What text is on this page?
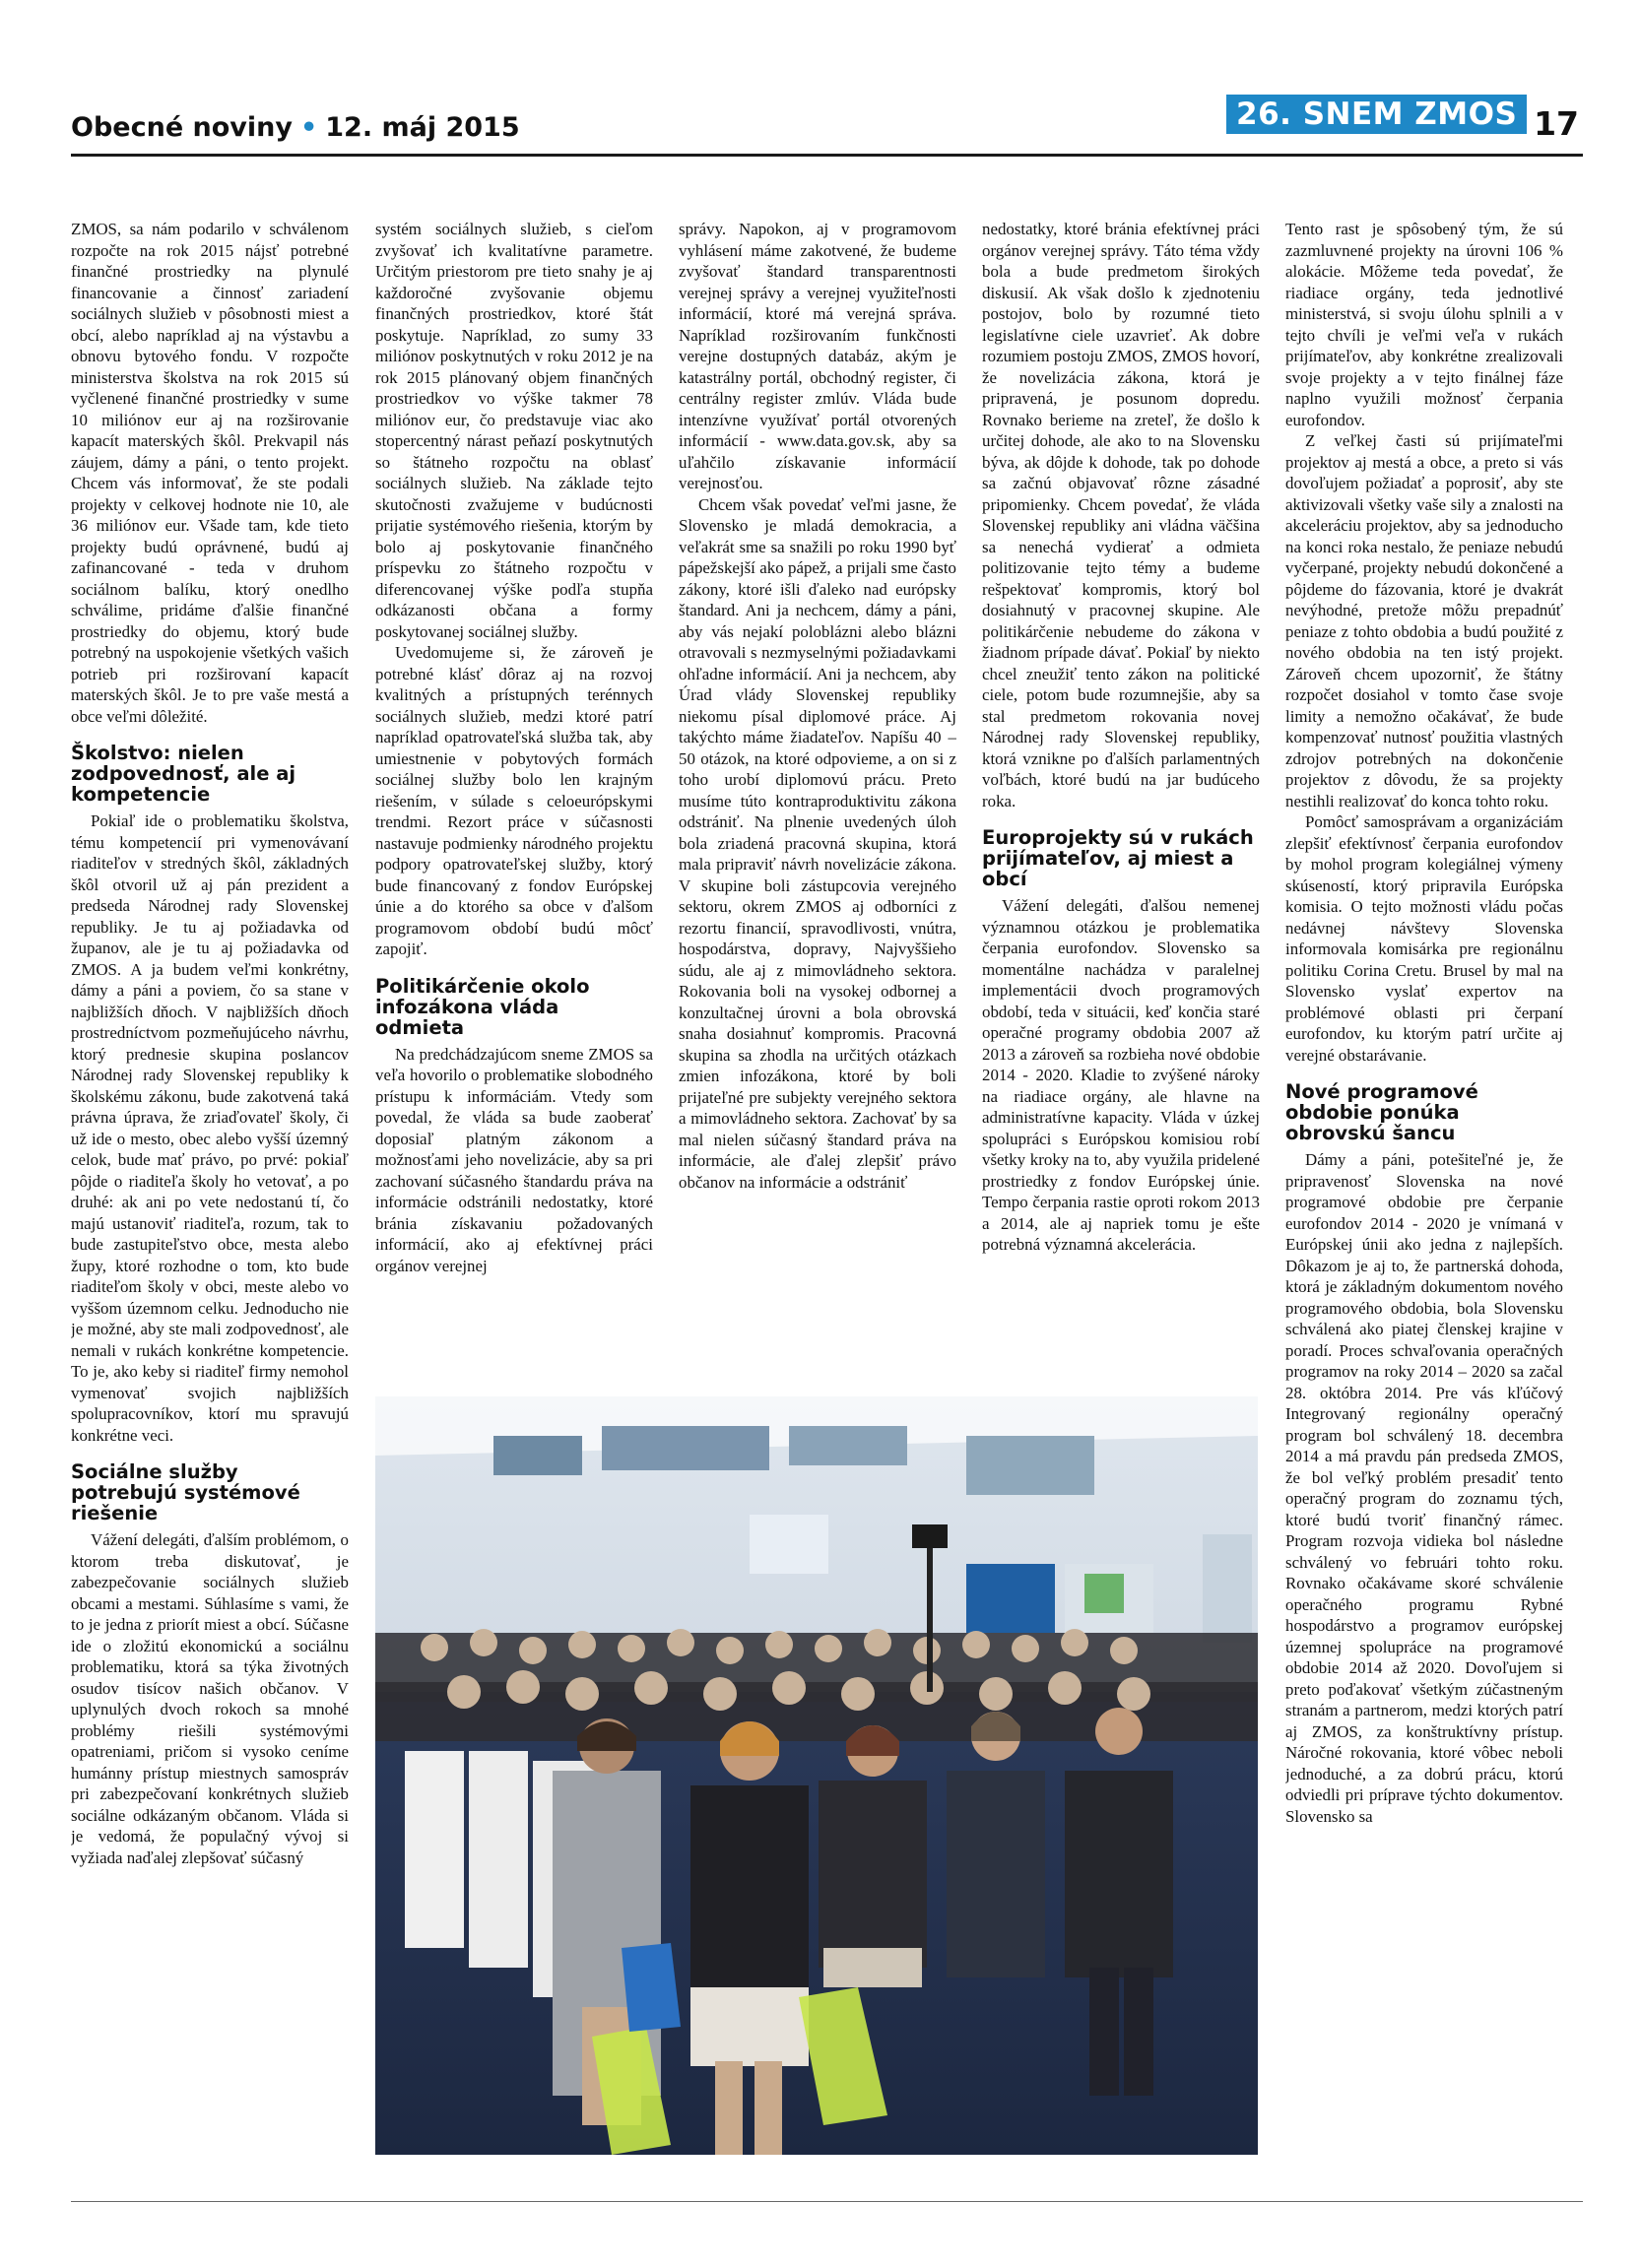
Obecné noviny • 12. máj 2015	26. SNEM ZMOS 17

ZMOS, sa nám podarilo v schválenom rozpočte na rok 2015 nájsť potrebné finančné prostriedky na plynulé financovanie a činnosť zariadení sociálnych služieb v pôsobnosti miest a obcí, alebo napríklad aj na výstavbu a obnovu bytového fondu. V rozpočte ministerstva školstva na rok 2015 sú vyčlenené finančné prostriedky v sume 10 miliónov eur aj na rozširovanie kapacít materských škôl. Prekvapil nás záujem, dámy a páni, o tento projekt. Chcem vás informovať, že ste podali projekty v celkovej hodnote nie 10, ale 36 miliónov eur. Všade tam, kde tieto projekty budú oprávnené, budú aj zafinancované - teda v druhom sociálnom balíku, ktorý onedlho schválime, pridáme ďalšie finančné prostriedky do objemu, ktorý bude potrebný na uspokojenie všetkých vašich potrieb pri rozširovaní kapacít materských škôl. Je to pre vaše mestá a obce veľmi dôležité.

Školstvo: nielen zodpovednosť, ale aj kompetencie

Pokiaľ ide o problematiku školstva, tému kompetencií pri vymenovávaní riaditeľov v stredných škôl, základných škôl otvoril už aj pán prezident a predseda Národnej rady Slovenskej republiky. Je tu aj požiadavka od županov, ale je tu aj požiadavka od ZMOS. A ja budem veľmi konkrétny, dámy a páni a poviem, čo sa stane v najbližších dňoch. V najbližších dňoch prostredníctvom pozmeňujúceho návrhu, ktorý prednesie skupina poslancov Národnej rady Slovenskej republiky k školskému zákonu, bude zakotvená taká právna úprava, že zriaďovateľ školy, či už ide o mesto, obec alebo vyšší územný celok, bude mať právo, po prvé: pokiaľ pôjde o riaditeľa školy ho vetovať, a po druhé: ak ani po vete nedostanú tí, čo majú ustanoviť riaditeľa, rozum, tak to bude zastupiteľstvo obce, mesta alebo župy, ktoré rozhodne o tom, kto bude riaditeľom školy v obci, meste alebo vo vyššom územnom celku. Jednoducho nie je možné, aby ste mali zodpovednosť, ale nemali v rukách konkrétne kompetencie. To je, ako keby si riaditeľ firmy nemohol vymenovať svojich najbližších spolupracovníkov, ktorí mu spravujú konkrétne veci.

Sociálne služby potrebujú systémové riešenie

Vážení delegáti, ďalším problémom, o ktorom treba diskutovať, je zabezpečovanie sociálnych služieb obcami a mestami. Súhlasíme s vami, že to je jedna z priorít miest a obcí. Súčasne ide o zložitú ekonomickú a sociálnu problematiku, ktorá sa týka životných osudov tisícov našich občanov. V uplynulých dvoch rokoch sa mnohé problémy riešili systémovými opatreniami, pričom si vysoko ceníme humánny prístup miestnych samospráv pri zabezpečovaní konkrétnych služieb sociálne odkázaným občanom. Vláda si je vedomá, že populačný vývoj si vyžiada naďalej zlepšovať súčasný

systém sociálnych služieb, s cieľom zvyšovať ich kvalitatívne parametre. Určitým priestorom pre tieto snahy je aj každoročné zvyšovanie objemu finančných prostriedkov, ktoré štát poskytuje. Napríklad, zo sumy 33 miliónov poskytnutých v roku 2012 je na rok 2015 plánovaný objem finančných prostriedkov vo výške takmer 78 miliónov eur, čo predstavuje viac ako stopercentný nárast peňazí poskytnutých so štátneho rozpočtu na oblasť sociálnych služieb. Na základe tejto skutočnosti zvažujeme v budúcnosti prijatie systémového riešenia, ktorým by bolo aj poskytovanie finančného príspevku zo štátneho rozpočtu v diferencovanej výške podľa stupňa odkázanosti občana a formy poskytovanej sociálnej služby.

Uvedomujeme si, že zároveň je potrebné klásť dôraz aj na rozvoj kvalitných a prístupných terénnych sociálnych služieb, medzi ktoré patrí napríklad opatrovateľská služba tak, aby umiestnenie v pobytových formách sociálnej služby bolo len krajným riešením, v súlade s celoeurópskymi trendmi. Rezort práce v súčasnosti nastavuje podmienky národného projektu podpory opatrovateľskej služby, ktorý bude financovaný z fondov Európskej únie a do ktorého sa obce v ďalšom programovom období budú môcť zapojiť.

Politikárčenie okolo infozákona vláda odmieta

Na predchádzajúcom sneme ZMOS sa veľa hovorilo o problematike slobodného prístupu k informáciám. Vtedy som povedal, že vláda sa bude zaoberať doposiaľ platným zákonom a možnosťami jeho novelizácie, aby sa pri zachovaní súčasného štandardu práva na informácie odstránili nedostatky, ktoré bránia získavaniu požadovaných informácií, ako aj efektívnej práci orgánov verejnej

správy. Napokon, aj v programovom vyhlásení máme zakotvené, že budeme zvyšovať štandard transparentnosti verejnej správy a verejnej využiteľnosti informácií, ktoré má verejná správa. Napríklad rozširovaním funkčnosti verejne dostupných databáz, akým je katastrálny portál, obchodný register, či centrálny register zmlúv. Vláda bude intenzívne využívať portál otvorených informácií - www.data.gov.sk, aby sa uľahčilo získavanie informácií verejnosťou.

Chcem však povedať veľmi jasne, že Slovensko je mladá demokracia, a veľakrát sme sa snažili po roku 1990 byť pápežskejší ako pápež, a prijali sme často zákony, ktoré išli ďaleko nad európsky štandard. Ani ja nechcem, dámy a páni, aby vás nejakí polobláznі alebo blázni otravovali s nezmyselnými požiadavkami ohľadne informácií. Ani ja nechcem, aby Úrad vlády Slovenskej republiky niekomu písal diplomové práce. Aj takýchto máme žiadateľov. Napíšu 40 – 50 otázok, na ktoré odpovieme, a on si z toho urobí diplomovú prácu. Preto musíme túto kontraproduktivitu zákona odstrániť. Na plnenie uvedených úloh bola zriadená pracovná skupina, ktorá mala pripraviť návrh novelizácie zákona. V skupine boli zástupcovia verejného sektoru, okrem ZMOS aj odborníci z rezortu financií, spravodlivosti, vnútra, hospodárstva, dopravy, Najvyššieho súdu, ale aj z mimovládneho sektora. Rokovania boli na vysokej odbornej a konzultačnej úrovni a bola obrovská snaha dosiahnuť kompromis. Pracovná skupina sa zhodla na určitých otázkach zmien infozákona, ktoré by boli prijateľné pre subjekty verejného sektora a mimovládneho sektora. Zachovať by sa mal nielen súčasný štandard práva na informácie, ale ďalej zlepšiť právo občanov na informácie a odstrániť

nedostatky, ktoré bránia efektívnej práci orgánov verejnej správy. Táto téma vždy bola a bude predmetom širokých diskusií. Ak však došlo k zjednoteniu postojov, bolo by rozumné tieto legislatívne ciele uzavrieť. Ak dobre rozumiem postoju ZMOS, ZMOS hovorí, že novelizácia zákona, ktorá je pripravená, je posunom dopredu. Rovnako berieme na zreteľ, že došlo k určitej dohode, ale ako to na Slovensku býva, ak dôjde k dohode, tak po dohode sa začnú objavovať rôzne zásadné pripomienky. Chcem povedať, že vláda Slovenskej republiky ani vládna väčšina sa nenechá vydierať a odmieta politizovanie tejto témy a budeme rešpektovať kompromis, ktorý bol dosiahnutý v pracovnej skupine. Ale politikárčenie nebudeme do zákona v žiadnom prípade dávať. Pokiaľ by niekto chcel zneužiť tento zákon na politické ciele, potom bude rozumnejšie, aby sa stal predmetom rokovania novej Národnej rady Slovenskej republiky, ktorá vznikne po ďalších parlamentných voľbách, ktoré budú na jar budúceho roka.

Europrojekty sú v rukách prijímateľov, aj miest a obcí

Vážení delegáti, ďalšou nemenej významnou otázkou je problematika čerpania eurofondov. Slovensko sa momentálne nachádza v paralelnej implementácii dvoch programových období, teda v situácii, keď končia staré operačné programy obdobia 2007 až 2013 a zároveň sa rozbieha nové obdobie 2014 - 2020. Kladie to zvýšené nároky na riadiace orgány, ale hlavne na administratívne kapacity. Vláda v úzkej spolupráci s Európskou komisiou robí všetky kroky na to, aby využila pridelené prostriedky z fondov Európskej únie. Tempo čerpania rastie oproti rokom 2013 a 2014, ale aj napriek tomu je ešte potrebná významná akcelerácia.

Tento rast je spôsobený tým, že sú zazmluvnené projekty na úrovni 106 % alokácie. Môžeme teda povedať, že riadiace orgány, teda jednotlivé ministerstvá, si svoju úlohu splnili a v tejto chvíli je veľmi veľa v rukách prijímateľov, aby konkrétne zrealizovali svoje projekty a v tejto finálnej fáze naplno využili možnosť čerpania eurofondov.

Z veľkej časti sú prijímateľmi projektov aj mestá a obce, a preto si vás dovoľujem požiadať a poprosiť, aby ste aktivizovali všetky vaše sily a znalosti na akceleráciu projektov, aby sa jednoducho na konci roka nestalo, že peniaze nebudú vyčerpané, projekty nebudú dokončené a pôjdeme do fázovania, ktoré je dvakrát nevýhodné, pretože môžu prepadnúť peniaze z tohto obdobia a budú použité z nového obdobia na ten istý projekt. Zároveň chcem upozorniť, že štátny rozpočet dosiahol v tomto čase svoje limity a nemožno očakávať, že bude kompenzovať nutnosť použitia vlastných zdrojov potrebných na dokončenie projektov z dôvodu, že sa projekty nestihli realizovať do konca tohto roku.

Pomôcť samosprávam a organizáciám zlepšiť efektívnosť čerpania eurofondov by mohol program kolegiálnej výmeny skúseností, ktorý pripravila Európska komisia. O tejto možnosti vládu počas nedávnej návštevy Slovenska informovala komisárka pre regionálnu politiku Corina Cretu. Brusel by mal na Slovensko vyslať expertov na problémové oblasti pri čerpaní eurofondov, ku ktorým patrí určite aj verejné obstarávanie.

Nové programové obdobie ponúka obrovskú šancu

Dámy a páni, potešiteľné je, že pripravenosť Slovenska na nové programové obdobie pre čerpanie eurofondov 2014 - 2020 je vnímaná v Európskej únii ako jedna z najlepších. Dôkazom je aj to, že partnerská dohoda, ktorá je základným dokumentom nového programového obdobia, bola Slovensku schválená ako piatej členskej krajine v poradí. Proces schvaľovania operačných programov na roky 2014 – 2020 sa začal 28. októbra 2014. Pre vás kľúčový Integrovaný regionálny operačný program bol schválený 18. decembra 2014 a má pravdu pán predseda ZMOS, že bol veľký problém presadiť tento operačný program do zoznamu tých, ktoré budú tvoriť finančný rámec. Program rozvoja vidieka bol následne schválený vo februári tohto roku. Rovnako očakávame skoré schválenie operačného programu Rybné hospodárstvo a programov európskej územnej spolupráce na programové obdobie 2014 až 2020. Dovoľujem si preto poďakovať všetkým zúčastneným stranám a partnerom, medzi ktorých patrí aj ZMOS, za konštruktívny prístup. Náročné rokovania, ktoré vôbec neboli jednoduché, a za dobrú prácu, ktorú odviedli pri príprave týchto dokumentov. Slovensko sa
